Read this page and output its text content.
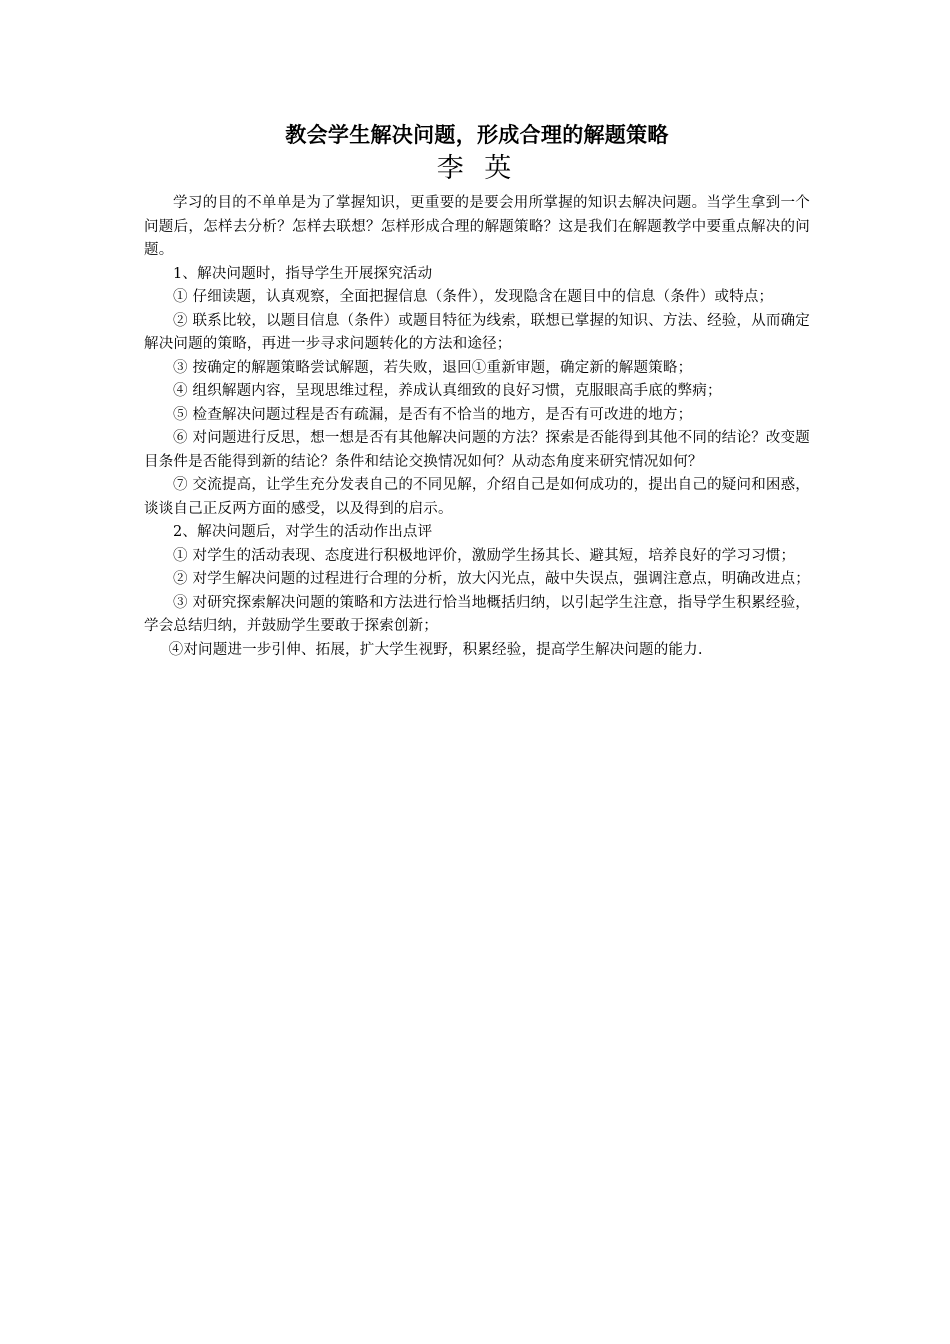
教会学生解决问题，形成合理的解题策略
李 英

学习的目的不单单是为了掌握知识，更重要的是要会用所掌握的知识去解决问题。当学生拿到一个问题后，怎样去分析？怎样去联想？怎样形成合理的解题策略？这是我们在解题教学中要重点解决的问题。

1、解决问题时，指导学生开展探究活动

① 仔细读题，认真观察，全面把握信息（条件），发现隐含在题目中的信息（条件）或特点；

② 联系比较，以题目信息（条件）或题目特征为线索，联想已掌握的知识、方法、经验，从而确定解决问题的策略，再进一步寻求问题转化的方法和途径；

③ 按确定的解题策略尝试解题，若失败，退回①重新审题，确定新的解题策略；

④ 组织解题内容，呈现思维过程，养成认真细致的良好习惯，克服眼高手底的弊病；

⑤ 检查解决问题过程是否有疏漏，是否有不恰当的地方，是否有可改进的地方；

⑥ 对问题进行反思，想一想是否有其他解决问题的方法？探索是否能得到其他不同的结论？改变题目条件是否能得到新的结论？条件和结论交换情况如何？从动态角度来研究情况如何？

⑦ 交流提高，让学生充分发表自己的不同见解，介绍自己是如何成功的，提出自己的疑问和困惑，谈谈自己正反两方面的感受，以及得到的启示。

2、解决问题后，对学生的活动作出点评

① 对学生的活动表现、态度进行积极地评价，激励学生扬其长、避其短，培养良好的学习习惯；

② 对学生解决问题的过程进行合理的分析，放大闪光点，敲中失误点，强调注意点，明确改进点；

③ 对研究探索解决问题的策略和方法进行恰当地概括归纳，以引起学生注意，指导学生积累经验，学会总结归纳，并鼓励学生要敢于探索创新；

④对问题进一步引伸、拓展，扩大学生视野，积累经验，提高学生解决问题的能力.
